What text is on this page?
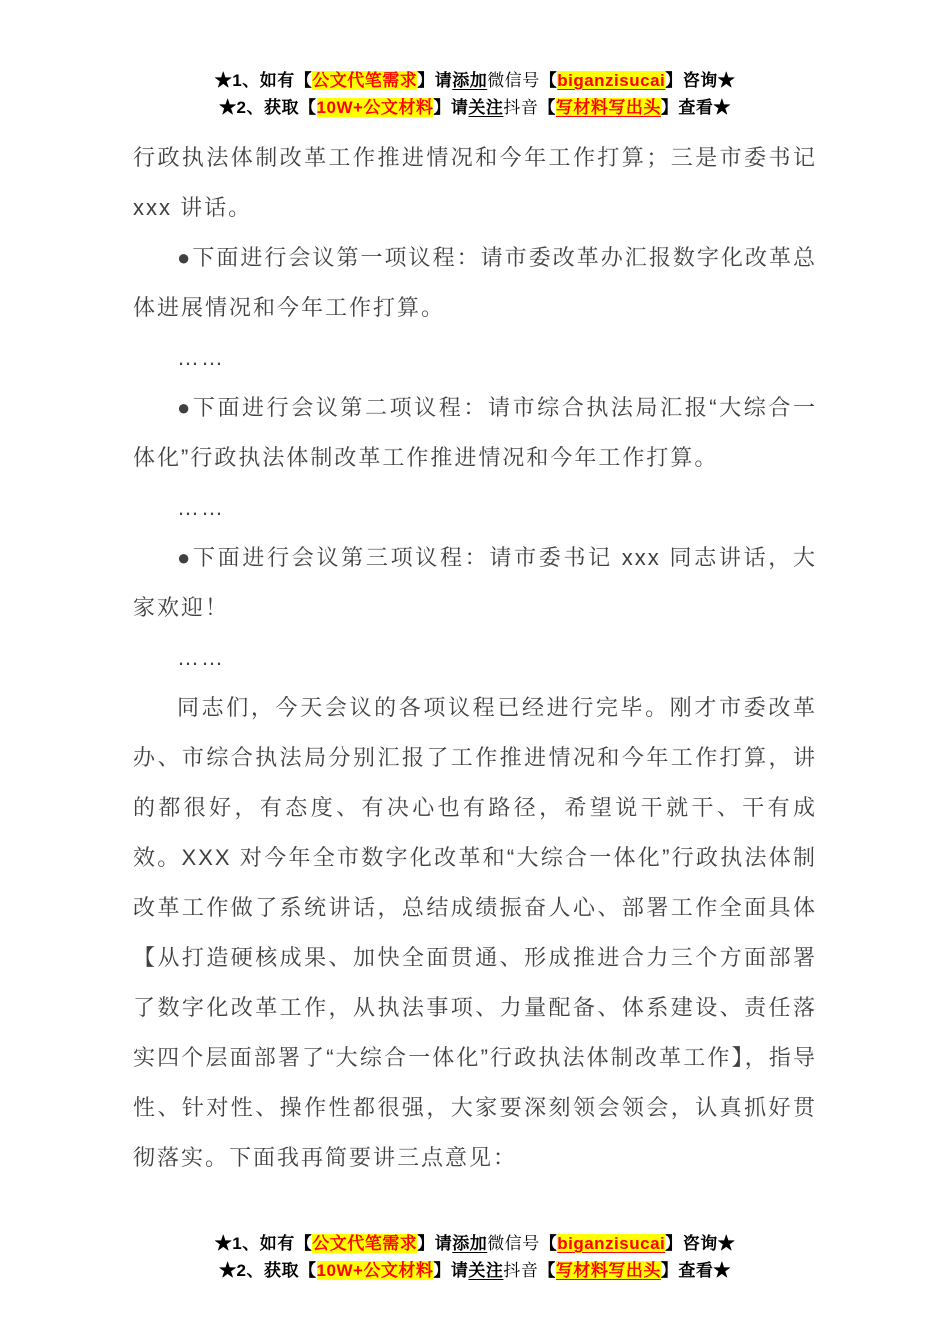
★1、如有【公文代笔需求】请添加微信号【biganzisucai】咨询★
★2、获取【10W+公文材料】请关注抖音【写材料写出头】查看★

行政执法体制改革工作推进情况和今年工作打算；三是市委书记xxx 讲话。

●下面进行会议第一项议程：请市委改革办汇报数字化改革总体进展情况和今年工作打算。

……

●下面进行会议第二项议程：请市综合执法局汇报“大综合一体化”行政执法体制改革工作推进情况和今年工作打算。

……

●下面进行会议第三项议程：请市委书记 xxx 同志讲话，大家欢迎！

……

同志们，今天会议的各项议程已经进行完毕。刚才市委改革办、市综合执法局分别汇报了工作推进情况和今年工作打算，讲的都很好，有态度、有决心也有路径，希望说干就干、干有成效。XXX 对今年全市数字化改革和“大综合一体化”行政执法体制改革工作做了系统讲话，总结成绩振奋人心、部署工作全面具体【从打造硬核成果、加快全面贯通、形成推进合力三个方面部署了数字化改革工作，从执法事项、力量配备、体系建设、责任落实四个层面部署了“大综合一体化”行政执法体制改革工作】，指导性、针对性、操作性都很强，大家要深刻领会领会，认真抓好贯彻落实。下面我再简要讲三点意见：

★1、如有【公文代笔需求】请添加微信号【biganzisucai】咨询★
★2、获取【10W+公文材料】请关注抖音【写材料写出头】查看★
